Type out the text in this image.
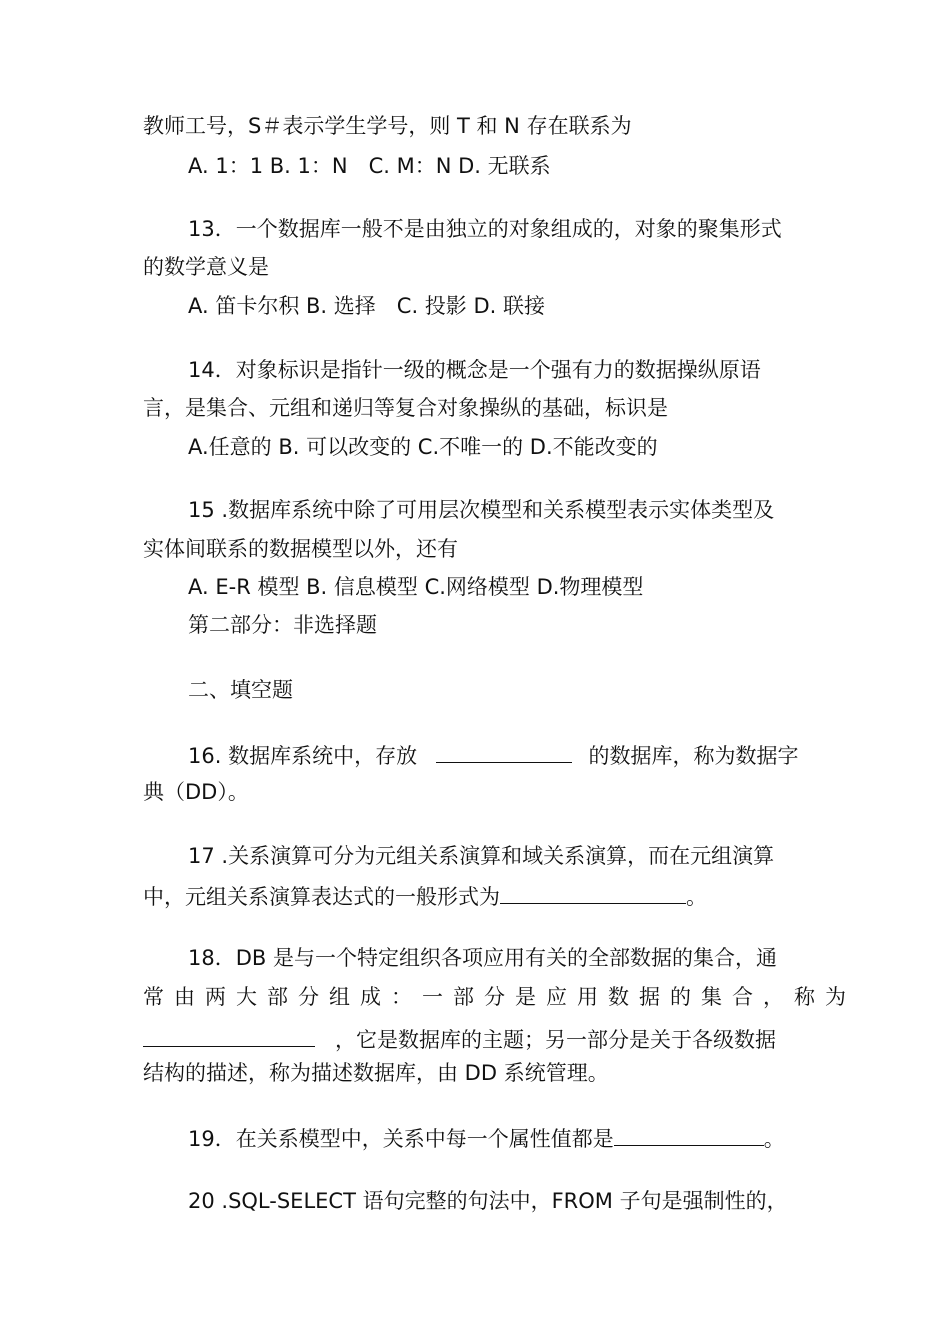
教师工号，S＃表示学生学号，则 T 和 N 存在联系为
A. 1：1 B. 1：N　C. M：N D. 无联系
13．一个数据库一般不是由独立的对象组成的，对象的聚集形式
的数学意义是
A. 笛卡尔积 B. 选择　C. 投影 D. 联接
14．对象标识是指针一级的概念是一个强有力的数据操纵原语
言，是集合、元组和递归等复合对象操纵的基础，标识是
A.任意的 B. 可以改变的 C.不唯一的 D.不能改变的
15 .数据库系统中除了可用层次模型和关系模型表示实体类型及
实体间联系的数据模型以外，还有
A. E-R 模型 B. 信息模型 C.网络模型 D.物理模型
第二部分：非选择题
二、填空题
16. 数据库系统中，存放	的数据库，称为数据字
典（DD）。
17 .关系演算可分为元组关系演算和域关系演算，而在元组演算
中，元组关系演算表达式的一般形式为	。
18．DB 是与一个特定组织各项应用有关的全部数据的集合，通
常由两大部分组成：一部分是应用数据的集合，称为
，它是数据库的主题；另一部分是关于各级数据
结构的描述，称为描述数据库，由 DD 系统管理。
19．在关系模型中，关系中每一个属性值都是	。
20 .SQL-SELECT 语句完整的句法中，FROM 子句是强制性的，
